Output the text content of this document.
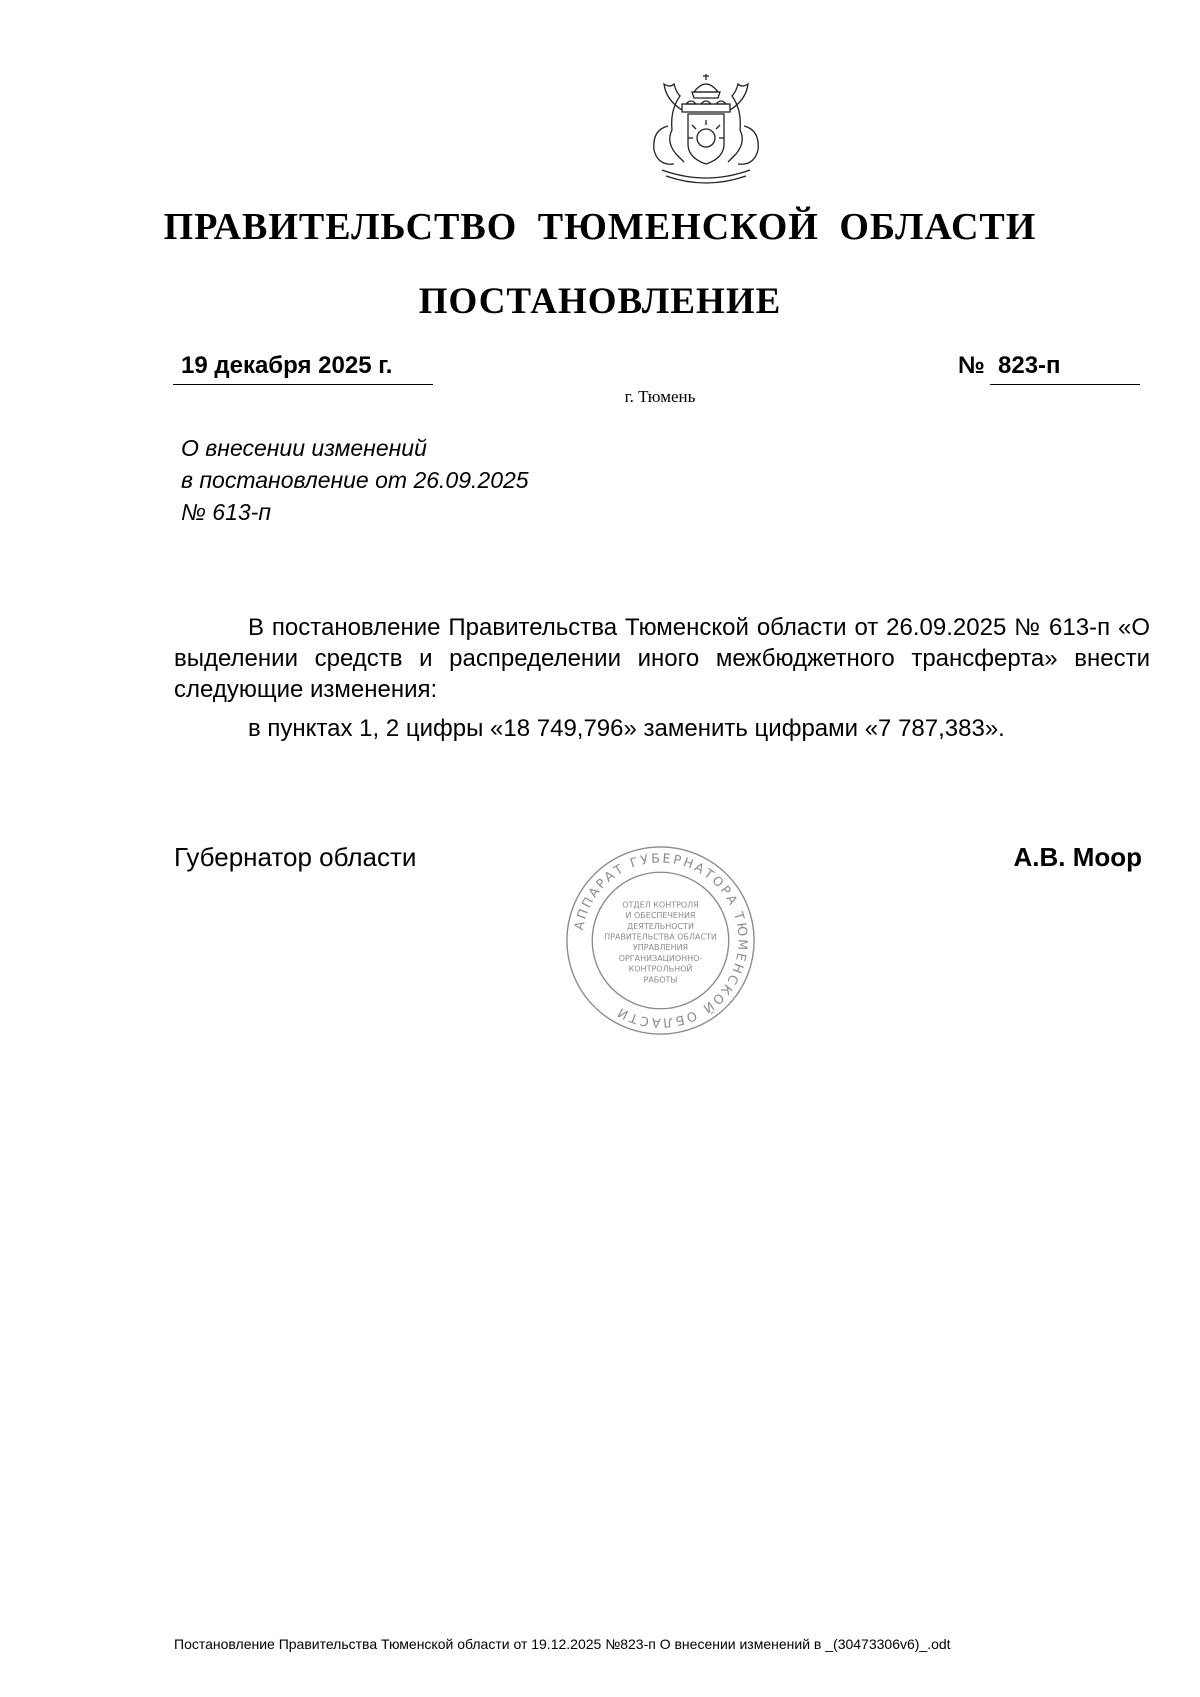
ПРАВИТЕЛЬСТВО ТЮМЕНСКОЙ ОБЛАСТИ
ПОСТАНОВЛЕНИЕ
19 декабря 2025 г.	№ 823-п
г. Тюмень
О внесении изменений
в постановление от 26.09.2025
№ 613-п

В постановление Правительства Тюменской области от 26.09.2025 № 613-п «О выделении средств и распределении иного межбюджетного трансферта» внести следующие изменения:

в пунктах 1, 2 цифры «18 749,796» заменить цифрами «7 787,383».

Губернатор области	А.В. Моор
АППАРАТ ГУБЕРНАТОРА ТЮМЕНСКОЙ ОБЛАСТИ
ОТДЕЛ КОНТРОЛЯ
И ОБЕСПЕЧЕНИЯ
ДЕЯТЕЛЬНОСТИ
ПРАВИТЕЛЬСТВА ОБЛАСТИ
УПРАВЛЕНИЯ
ОРГАНИЗАЦИОННО-
КОНТРОЛЬНОЙ
РАБОТЫ
Постановление Правительства Тюменской области от 19.12.2025 №823-п О внесении изменений в _(30473306v6)_.odt
